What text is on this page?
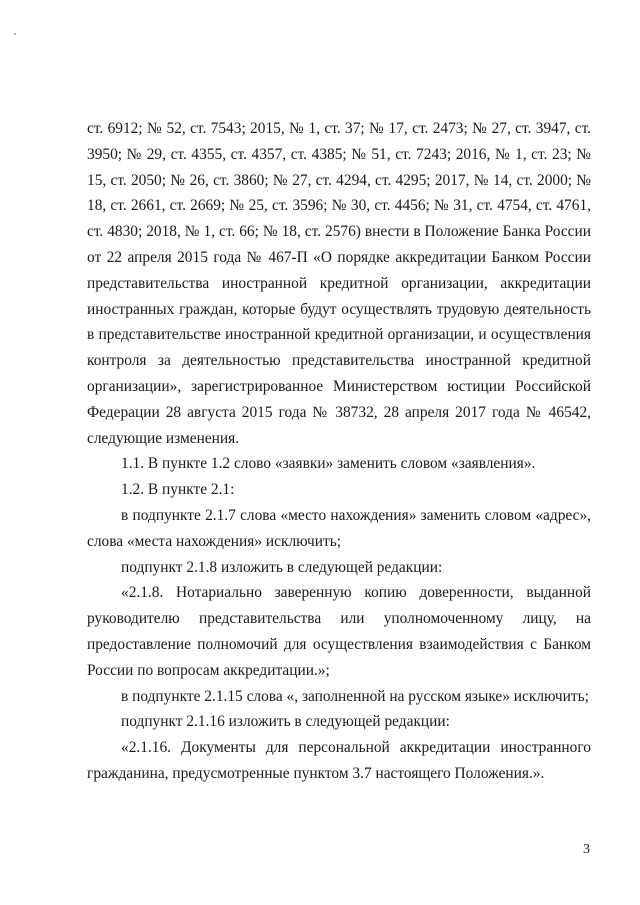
ст. 6912; № 52, ст. 7543; 2015, № 1, ст. 37; № 17, ст. 2473; № 27, ст. 3947, ст. 3950; № 29, ст. 4355, ст. 4357, ст. 4385; № 51, ст. 7243; 2016, № 1, ст. 23; № 15, ст. 2050; № 26, ст. 3860; № 27, ст. 4294, ст. 4295; 2017, № 14, ст. 2000; № 18, ст. 2661, ст. 2669; № 25, ст. 3596; № 30, ст. 4456; № 31, ст. 4754, ст. 4761, ст. 4830; 2018, № 1, ст. 66; № 18, ст. 2576) внести в Положение Банка России от 22 апреля 2015 года № 467-П «О порядке аккредитации Банком России представительства иностранной кредитной организации, аккредитации иностранных граждан, которые будут осуществлять трудовую деятельность в представительстве иностранной кредитной организации, и осуществления контроля за деятельностью представительства иностранной кредитной организации», зарегистрированное Министерством юстиции Российской Федерации 28 августа 2015 года № 38732, 28 апреля 2017 года № 46542, следующие изменения.

1.1. В пункте 1.2 слово «заявки» заменить словом «заявления».

1.2. В пункте 2.1:

в подпункте 2.1.7 слова «место нахождения» заменить словом «адрес», слова «места нахождения» исключить;

подпункт 2.1.8 изложить в следующей редакции:

«2.1.8. Нотариально заверенную копию доверенности, выданной руководителю представительства или уполномоченному лицу, на предоставление полномочий для осуществления взаимодействия с Банком России по вопросам аккредитации.»;

в подпункте 2.1.15 слова «, заполненной на русском языке» исключить;

подпункт 2.1.16 изложить в следующей редакции:

«2.1.16. Документы для персональной аккредитации иностранного гражданина, предусмотренные пунктом 3.7 настоящего Положения.».

3
